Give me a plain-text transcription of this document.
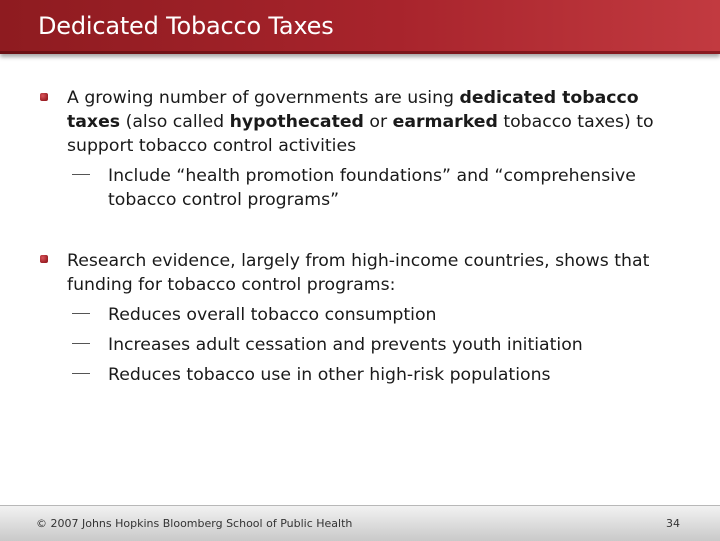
Dedicated Tobacco Taxes

A growing number of governments are using dedicated tobacco taxes (also called hypothecated or earmarked tobacco taxes) to support tobacco control activities

Include “health promotion foundations” and “comprehensive tobacco control programs”

Research evidence, largely from high-income countries, shows that funding for tobacco control programs:

Reduces overall tobacco consumption

Increases adult cessation and prevents youth initiation

Reduces tobacco use in other high-risk populations

© 2007 Johns Hopkins Bloomberg School of Public Health	34
